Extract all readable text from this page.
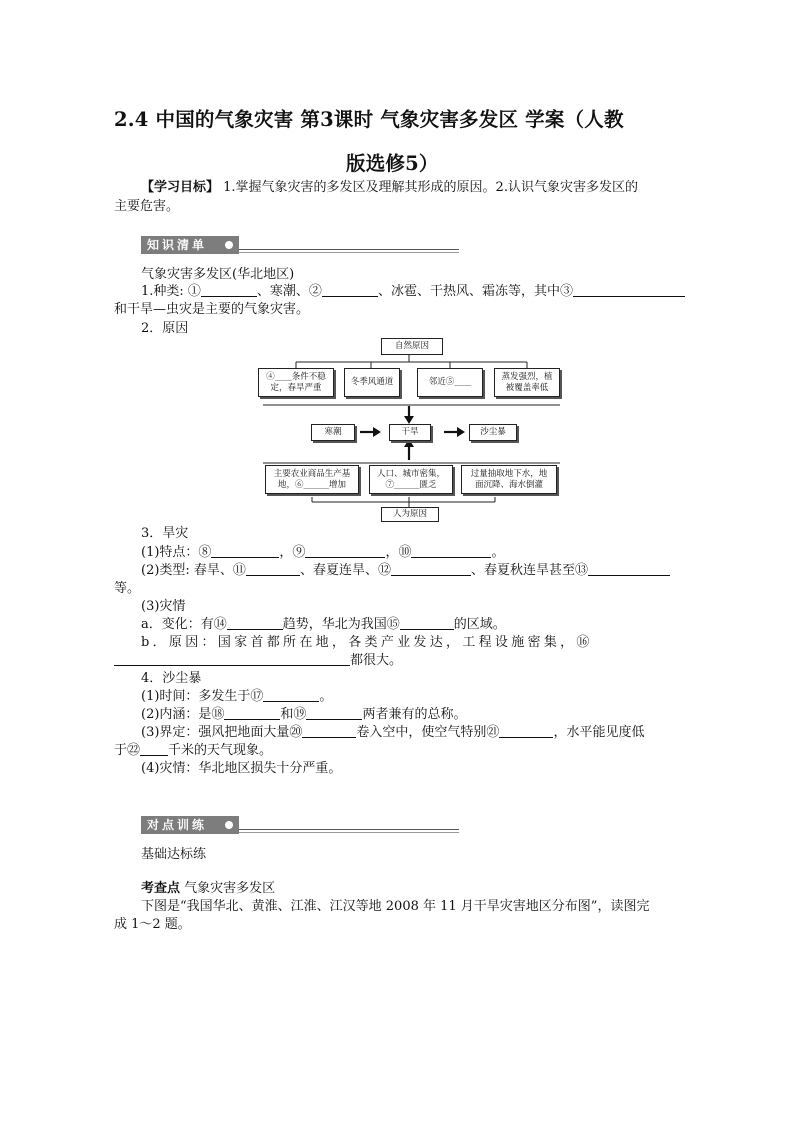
2.4 中国的气象灾害 第3课时 气象灾害多发区 学案（人教
版选修5）
【学习目标】 1.掌握气象灾害的多发区及理解其形成的原因。2.认识气象灾害多发区的
主要危害。
知识清单
气象灾害多发区(华北地区)
1.种类: ①	、寒潮、②	、冰雹、干热风、霜冻等，其中③
和干旱—虫灾是主要的气象灾害。
2．原因
自然原因
④____条件不稳
定，春旱严重
冬季风通道	邻近⑤____
蒸发强烈，植
被覆盖率低
寒潮	干旱	沙尘暴
主要农业商品生产基
地，⑥______增加
人口、城市密集，
⑦______匮乏
过量抽取地下水，地
面沉降、海水倒灌
人为原因
3．旱灾
(1)特点：⑧	，⑨	，⑩	。
(2)类型: 春旱、⑪	、春夏连旱、⑫	、春夏秋连旱甚至⑬
等。
(3)灾情
a．变化：有⑭	趋势，华北为我国⑮	的区域。
b．原因：国家首都所在地，各类产业发达，工程设施密集，⑯
都很大。
4．沙尘暴
(1)时间：多发生于⑰	。
(2)内涵：是⑱	和⑲	两者兼有的总称。
(3)界定：强风把地面大量⑳	卷入空中，使空气特别㉑	，水平能见度低
于㉒ 千米的天气现象。
(4)灾情：华北地区损失十分严重。
对点训练
基础达标练
考查点 气象灾害多发区
下图是“我国华北、黄淮、江淮、江汉等地 2008 年 11 月干旱灾害地区分布图”，读图完
成 1～2 题。
